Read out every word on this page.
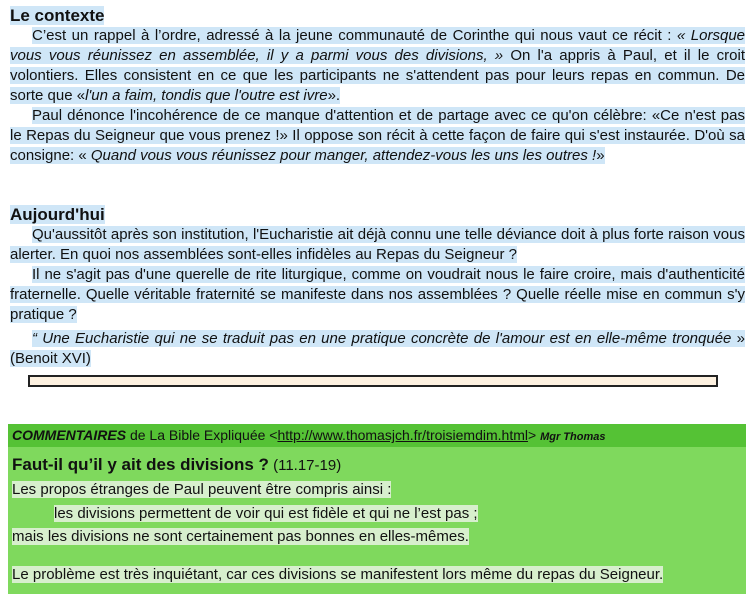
Le contexte

C’est un rappel à l’ordre, adressé à la jeune communauté de Corinthe qui nous vaut ce récit : « Lorsque vous vous réunissez en assemblée, il y a parmi vous des divisions, » On l'a appris à Paul, et il le croit volontiers. Elles consistent en ce que les participants ne s'attendent pas pour leurs repas en commun. De sorte que «l'un a faim, tondis que l'outre est ivre».

Paul dénonce l'incohérence de ce manque d'attention et de partage avec ce qu'on célèbre: «Ce n'est pas le Repas du Seigneur que vous prenez !» Il oppose son récit à cette façon de faire qui s'est instaurée. D'où sa consigne: « Quand vous vous réunissez pour manger, attendez-vous les uns les outres !»

Aujourd'hui

Qu'aussitôt après son institution, l'Eucharistie ait déjà connu une telle déviance doit à plus forte raison vous alerter. En quoi nos assemblées sont-elles infidèles au Repas du Seigneur ?

Il ne s'agit pas d'une querelle de rite liturgique, comme on voudrait nous le faire croire, mais d'authenticité fraternelle. Quelle véritable fraternité se manifeste dans nos assemblées ? Quelle réelle mise en commun s'y pratique ?

“ Une Eucharistie qui ne se traduit pas en une pratique concrète de l'amour est en elle-même tronquée » (Benoit XVI)

COMMENTAIRES de La Bible Expliquée <http://www.thomasjch.fr/troisiemdim.html> Mgr Thomas
Faut-il qu’il y ait des divisions ? (11.17-19)
Les propos étranges de Paul peuvent être compris ainsi :
les divisions permettent de voir qui est fidèle et qui ne l’est pas ;
mais les divisions ne sont certainement pas bonnes en elles-mêmes.
Le problème est très inquiétant, car ces divisions se manifestent lors même du repas du Seigneur.
